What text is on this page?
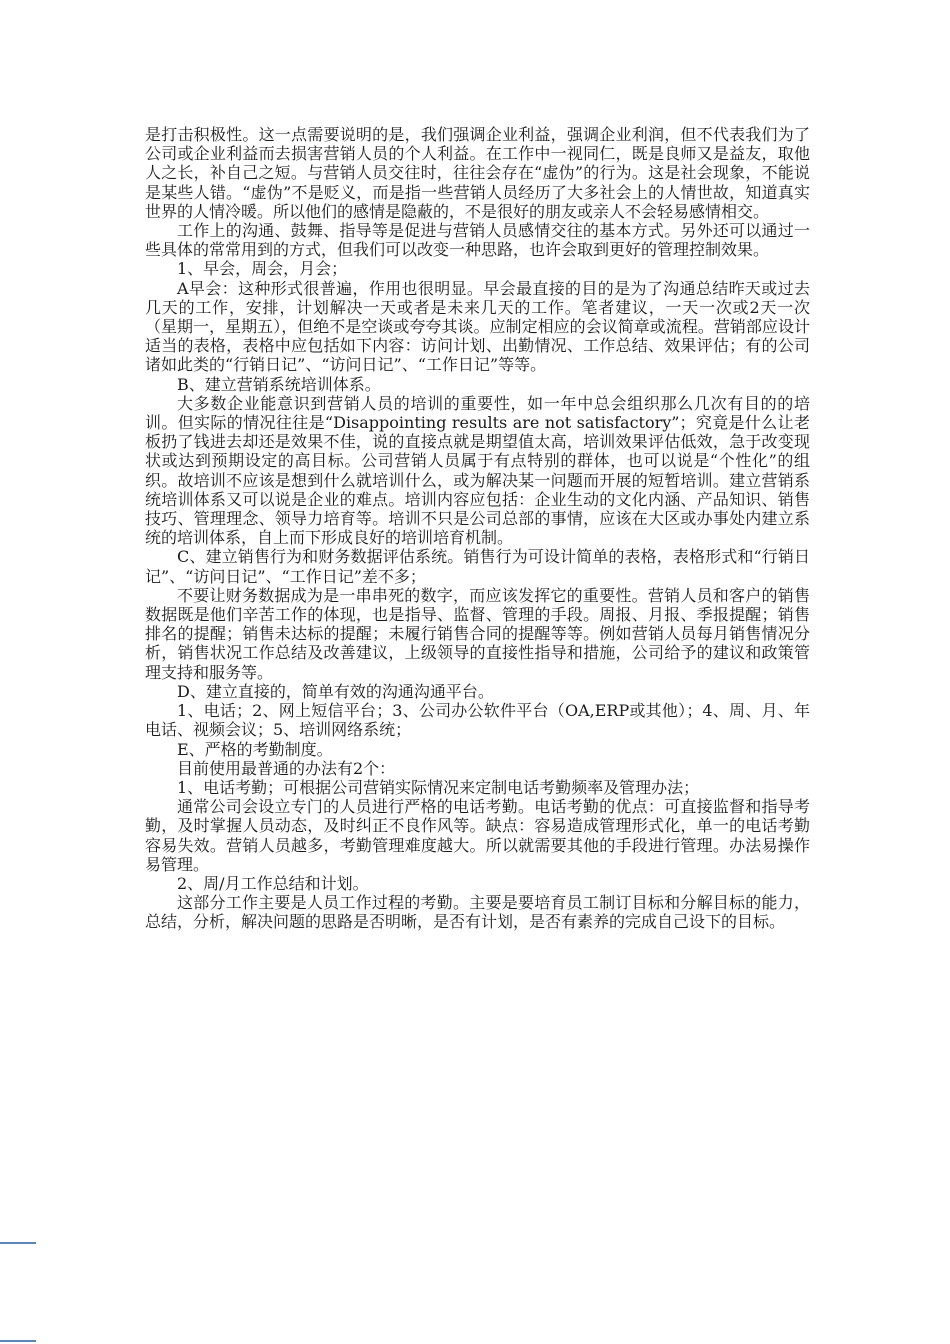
是打击积极性。这一点需要说明的是，我们强调企业利益，强调企业利润，但不代表我们为了公司或企业利益而去损害营销人员的个人利益。在工作中一视同仁，既是良师又是益友，取他人之长，补自己之短。与营销人员交往时，往往会存在“虚伪”的行为。这是社会现象，不能说是某些人错。“虚伪”不是贬义，而是指一些营销人员经历了大多社会上的人情世故，知道真实世界的人情冷暖。所以他们的感情是隐蔽的，不是很好的朋友或亲人不会轻易感情相交。

工作上的沟通、鼓舞、指导等是促进与营销人员感情交往的基本方式。另外还可以通过一些具体的常常用到的方式，但我们可以改变一种思路，也许会取到更好的管理控制效果。

1、早会，周会，月会；

A早会：这种形式很普遍，作用也很明显。早会最直接的目的是为了沟通总结昨天或过去几天的工作，安排，计划解决一天或者是未来几天的工作。笔者建议，一天一次或2天一次（星期一，星期五），但绝不是空谈或夸夸其谈。应制定相应的会议简章或流程。营销部应设计适当的表格，表格中应包括如下内容：访问计划、出勤情况、工作总结、效果评估；有的公司诸如此类的“行销日记”、“访问日记”、“工作日记”等等。

B、建立营销系统培训体系。

大多数企业能意识到营销人员的培训的重要性，如一年中总会组织那么几次有目的的培训。但实际的情况往往是“Disappointing results are not satisfactory”；究竟是什么让老板扔了钱进去却还是效果不佳，说的直接点就是期望值太高，培训效果评估低效，急于改变现状或达到预期设定的高目标。公司营销人员属于有点特别的群体，也可以说是“个性化”的组织。故培训不应该是想到什么就培训什么，或为解决某一问题而开展的短暂培训。建立营销系统培训体系又可以说是企业的难点。培训内容应包括：企业生动的文化内涵、产品知识、销售技巧、管理理念、领导力培育等。培训不只是公司总部的事情，应该在大区或办事处内建立系统的培训体系，自上而下形成良好的培训培育机制。

C、建立销售行为和财务数据评估系统。销售行为可设计简单的表格，表格形式和“行销日记”、“访问日记”、“工作日记”差不多；

不要让财务数据成为是一串串死的数字，而应该发挥它的重要性。营销人员和客户的销售数据既是他们辛苦工作的体现，也是指导、监督、管理的手段。周报、月报、季报提醒；销售排名的提醒；销售未达标的提醒；未履行销售合同的提醒等等。例如营销人员每月销售情况分析，销售状况工作总结及改善建议，上级领导的直接性指导和措施，公司给予的建议和政策管理支持和服务等。

D、建立直接的，简单有效的沟通沟通平台。

1、电话；2、网上短信平台；3、公司办公软件平台（OA,ERP或其他）；4、周、月、年电话、视频会议；5、培训网络系统；

E、严格的考勤制度。

目前使用最普通的办法有2个：

1、电话考勤；可根据公司营销实际情况来定制电话考勤频率及管理办法；

通常公司会设立专门的人员进行严格的电话考勤。电话考勤的优点：可直接监督和指导考勤，及时掌握人员动态，及时纠正不良作风等。缺点：容易造成管理形式化，单一的电话考勤容易失效。营销人员越多，考勤管理难度越大。所以就需要其他的手段进行管理。办法易操作易管理。

2、周/月工作总结和计划。

这部分工作主要是人员工作过程的考勤。主要是要培育员工制订目标和分解目标的能力，总结，分析，解决问题的思路是否明晰，是否有计划，是否有素养的完成自己设下的目标。
